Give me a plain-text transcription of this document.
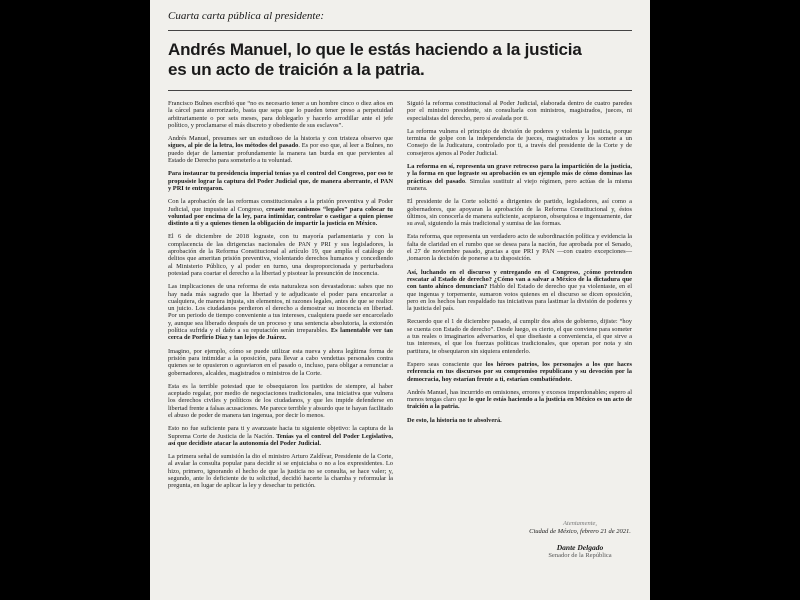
Cuarta carta pública al presidente:
Andrés Manuel, lo que le estás haciendo a la justicia
es un acto de traición a la patria.

Francisco Bulnes escribió que “no es necesario tener a un hombre cinco o diez años en la cárcel para aterrorizarlo, basta que sepa que lo pueden tener preso a perpetuidad arbitrariamente o por seis meses, para doblegarlo y hacerlo arrodillar ante el jefe político, y proclamarse el más discreto y obediente de sus esclavos”.

Andrés Manuel, presumes ser un estudioso de la historia y con tristeza observo que sigues, al pie de la letra, los métodos del pasado. Es por eso que, al leer a Bulnes, no puedo dejar de lamentar profundamente la manera tan burda en que pervientes al Estado de Derecho para someterlo a tu voluntad.

Para instaurar tu presidencia imperial tenías ya el control del Congreso, por eso te propusiste lograr la captura del Poder Judicial que, de manera aberrante, el PAN y PRI te entregaron.

Con la aprobación de las reformas constitucionales a la prisión preventiva y al Poder Judicial, que impusiste al Congreso, creaste mecanismos “legales” para colocar tu voluntad por encima de la ley, para intimidar, controlar o castigar a quien piense distinto a ti y a quienes tienen la obligación de impartir la justicia en México.

El 6 de diciembre de 2018 lograste, con tu mayoría parlamentaria y con la complacencia de las dirigencias nacionales de PAN y PRI y sus legisladores, la aprobación de la Reforma Constitucional al artículo 19, que amplía el catálogo de delitos que ameritan prisión preventiva, violentando derechos humanos y concediendo al Ministerio Público, y al poder en turno, una desproporcionada y perturbadora potestad para coartar el derecho a la libertad y pisotear la presunción de inocencia.

Las implicaciones de una reforma de esta naturaleza son devastadoras: sabes que no hay nada más sagrado que la libertad y te adjudicaste el poder para encarcelar a cualquiera, de manera injusta, sin elementos, ni razones legales, antes de que se realice un juicio. Los ciudadanos perdieron el derecho a demostrar su inocencia en libertad. Por un periodo de tiempo conveniente a tus intereses, cualquiera puede ser encarcelado y, aunque sea liberado después de un proceso y una sentencia absolutoria, la extorsión política sufrida y el daño a su reputación serán irreparables. Es lamentable ver tan cerca de Porfirio Díaz y tan lejos de Juárez.

Imagino, por ejemplo, cómo se puede utilizar esta nueva y ahora legítima forma de prisión para intimidar a la oposición, para llevar a cabo vendettas personales contra quienes se te opusieron o agraviaron en el pasado o, incluso, para obligar a renunciar a gobernadores, alcaldes, magistrados o ministros de la Corte.

Esta es la terrible potestad que te obsequiaron los partidos de siempre, al haber aceptado regalar, por medio de negociaciones tradicionales, una iniciativa que vulnera los derechos civiles y políticos de los ciudadanos, y que les impide defenderse en libertad frente a falsas acusaciones. Me parece terrible y absurdo que te hayan facilitado el abuso de poder de manera tan ingenua, por decir lo menos.

Esto no fue suficiente para ti y avanzaste hacia tu siguiente objetivo: la captura de la Suprema Corte de Justicia de la Nación. Tenías ya el control del Poder Legislativo, así que decidiste atacar la autonomía del Poder Judicial.

La primera señal de sumisión la dio el ministro Arturo Zaldívar, Presidente de la Corte, al avalar la consulta popular para decidir si se enjuiciaba o no a los expresidentes. Lo hizo, primero, ignorando el hecho de que la justicia no se consulta, se hace valer; y, segundo, ante lo deficiente de tu solicitud, decidió hacerte la chamba y reformular la pregunta, en lugar de aplicar la ley y desechar tu petición.

Siguió la reforma constitucional al Poder Judicial, elaborada dentro de cuatro paredes por el ministro presidente, sin consultarla con ministros, magistrados, jueces, ni especialistas del derecho, pero sí avalada por ti.

La reforma vulnera el principio de división de poderes y violenta la justicia, porque termina de golpe con la independencia de jueces, magistrados y los somete a un Consejo de la Judicatura, controlado por ti, a través del presidente de la Corte y de consejeros ajenos al Poder Judicial.

La reforma en sí, representa un grave retroceso para la impartición de la justicia, y la forma en que lograste su aprobación es un ejemplo más de cómo dominas las prácticas del pasado. Simulas sustituir al viejo régimen, pero actúas de la misma manera.

El presidente de la Corte solicitó a dirigentes de partido, legisladores, así como a gobernadores, que apoyaran la aprobación de la Reforma Constitucional y, éstos últimos, sin conocerla de manera suficiente, aceptaron, obsequiosa e ingenuamente, dar su aval, siguiendo la más tradicional y sumisa de las formas.

Esta reforma, que representa un verdadero acto de subordinación política y evidencia la falta de claridad en el rumbo que se desea para la nación, fue aprobada por el Senado, el 27 de noviembre pasado, gracias a que PRI y PAN —con cuatro excepciones— ,tomaron la decisión de ponerse a tu disposición.

Así, luchando en el discurso y entregando en el Congreso, ¿cómo pretenden rescatar al Estado de derecho? ¿Cómo van a salvar a México de la dictadura que con tanto ahínco denuncian? Hablo del Estado de derecho que ya violentaste, en el que ingenua y torpemente, sumaron votos quienes en el discurso se dicen oposición, pero en los hechos han respaldado tus iniciativas para lastimar la división de poderes y la justicia del país.

Recuerdo que el 1 de diciembre pasado, al cumplir dos años de gobierno, dijiste: “hoy se cuenta con Estado de derecho”. Desde luego, es cierto, el que conviene para someter a tus reales o imaginarios adversarios, el que diseñaste a conveniencia, el que sirve a tus intereses, el que los fuerzas políticas tradicionales, que operan por nota y sin partitura, te obsequiaron sin siquiera entenderlo.

Espero seas consciente que los héroes patrios, los personajes a los que haces referencia en tus discursos por su compromiso republicano y su devoción por la democracia, hoy estarían frente a ti, estarían combatiéndote.

Andrés Manuel, has incurrido en omisiones, errores y excesos imperdonables; espero al menos tengas claro que lo que le estás haciendo a la justicia en México es un acto de traición a la patria.

De esto, la historia no te absolverá.

Atentamente,
Ciudad de México, febrero 21 de 2021.
Dante Delgado
Senador de la República
